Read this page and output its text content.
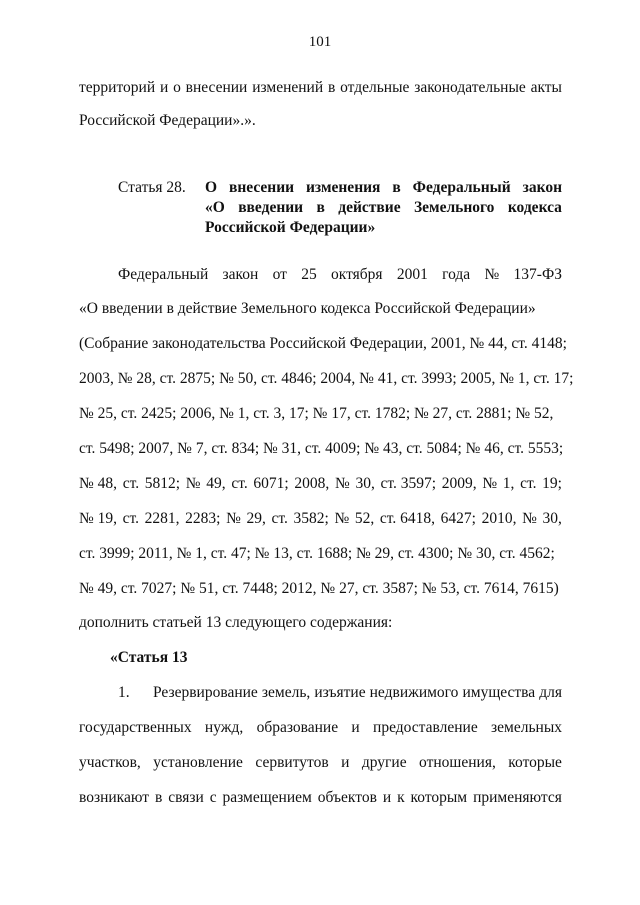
101
территорий и о внесении изменений в отдельные законодательные акты
Российской Федерации».».
Статья 28. О внесении изменения в Федеральный закон
«О введении в действие Земельного кодекса
Российской Федерации»
Федеральный закон от 25 октября 2001 года № 137-ФЗ
«О введении в действие Земельного кодекса Российской Федерации»
(Собрание законодательства Российской Федерации, 2001, № 44, ст. 4148;
2003, № 28, ст. 2875; № 50, ст. 4846; 2004, № 41, ст. 3993; 2005, № 1, ст. 17;
№ 25, ст. 2425; 2006, № 1, ст. 3, 17; № 17, ст. 1782; № 27, ст. 2881; № 52,
ст. 5498; 2007, № 7, ст. 834; № 31, ст. 4009; № 43, ст. 5084; № 46, ст. 5553;
№ 48, ст. 5812; № 49, ст. 6071; 2008, № 30, ст. 3597; 2009, № 1, ст. 19;
№ 19, ст. 2281, 2283; № 29, ст. 3582; № 52, ст. 6418, 6427; 2010, № 30,
ст. 3999; 2011, № 1, ст. 47; № 13, ст. 1688; № 29, ст. 4300; № 30, ст. 4562;
№ 49, ст. 7027; № 51, ст. 7448; 2012, № 27, ст. 3587; № 53, ст. 7614, 7615)
дополнить статьей 13 следующего содержания:
«Статья 13
1. Резервирование земель, изъятие недвижимого имущества для
государственных нужд, образование и предоставление земельных
участков, установление сервитутов и другие отношения, которые
возникают в связи с размещением объектов и к которым применяются
